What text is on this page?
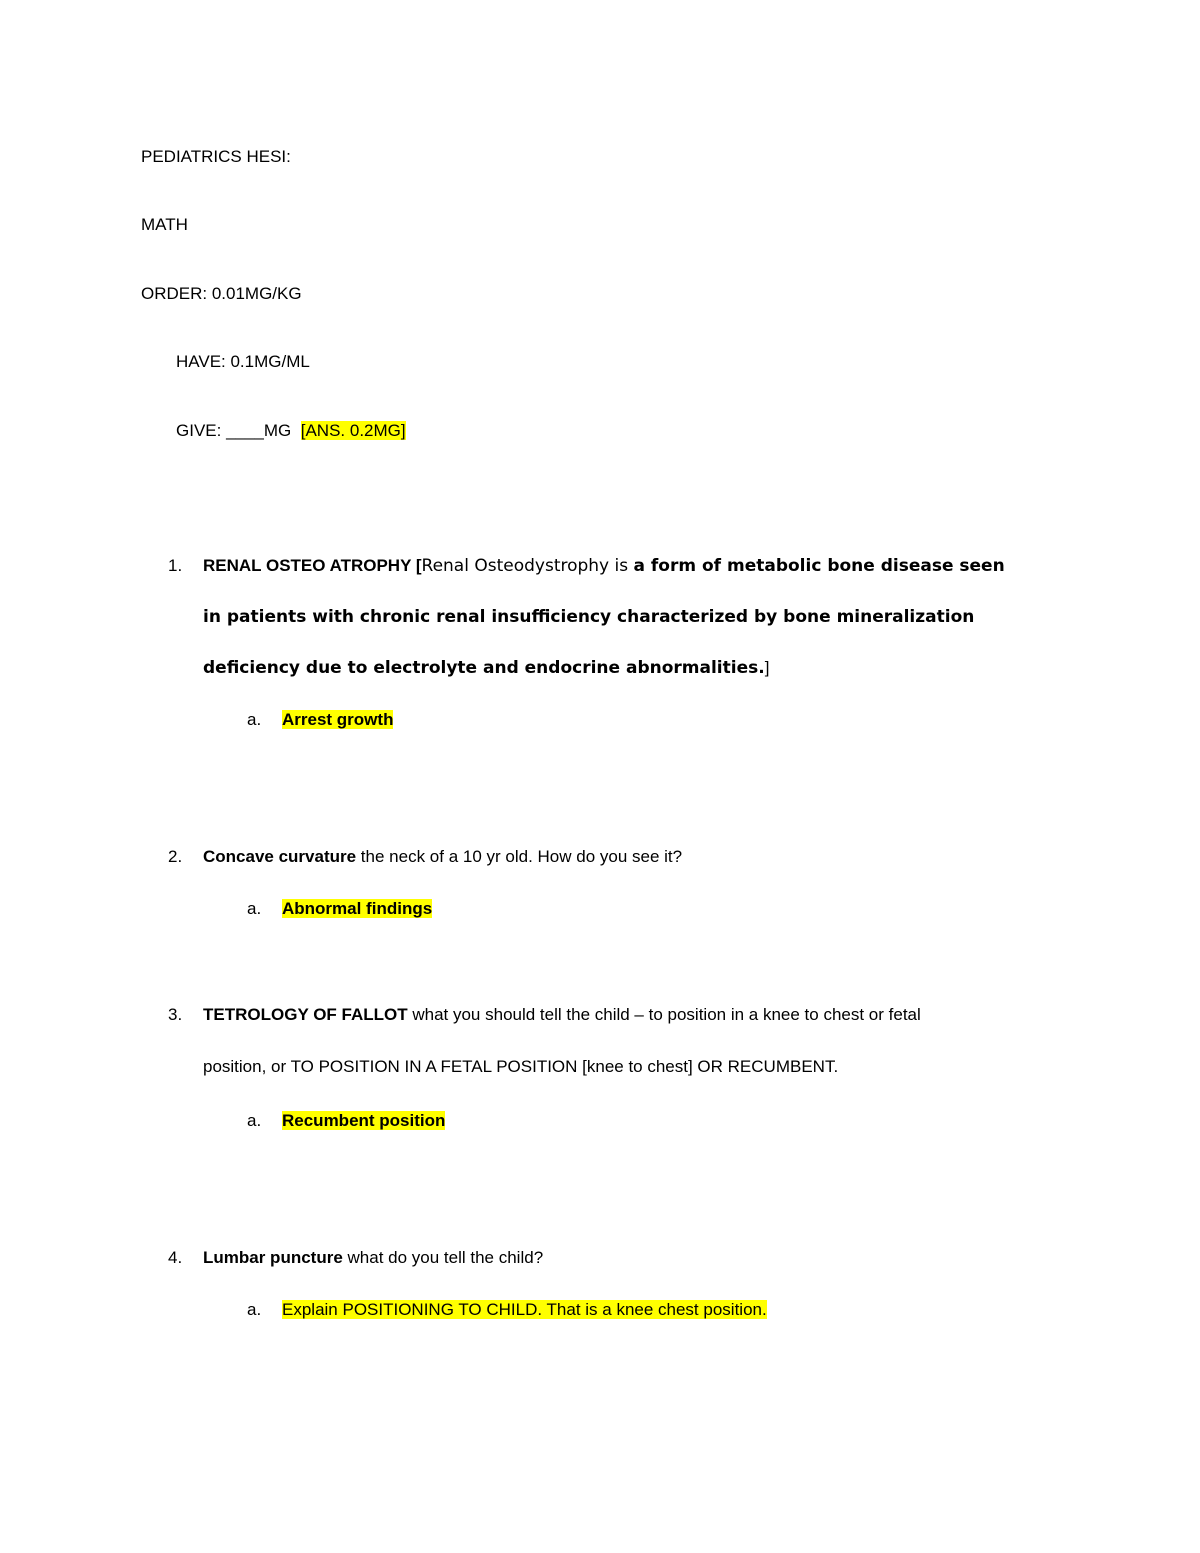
PEDIATRICS HESI:
MATH
ORDER: 0.01MG/KG
HAVE: 0.1MG/ML
GIVE: ____MG  [ANS. 0.2MG]
1. RENAL OSTEO ATROPHY [Renal Osteodystrophy is a form of metabolic bone disease seen
in patients with chronic renal insufficiency characterized by bone mineralization
deficiency due to electrolyte and endocrine abnormalities.]
a. Arrest growth
2. Concave curvature the neck of a 10 yr old. How do you see it?
a. Abnormal findings
3. TETROLOGY OF FALLOT what you should tell the child – to position in a knee to chest or fetal
position, or TO POSITION IN A FETAL POSITION [knee to chest] OR RECUMBENT.
a. Recumbent position
4. Lumbar puncture what do you tell the child?
a. Explain POSITIONING TO CHILD. That is a knee chest position.
